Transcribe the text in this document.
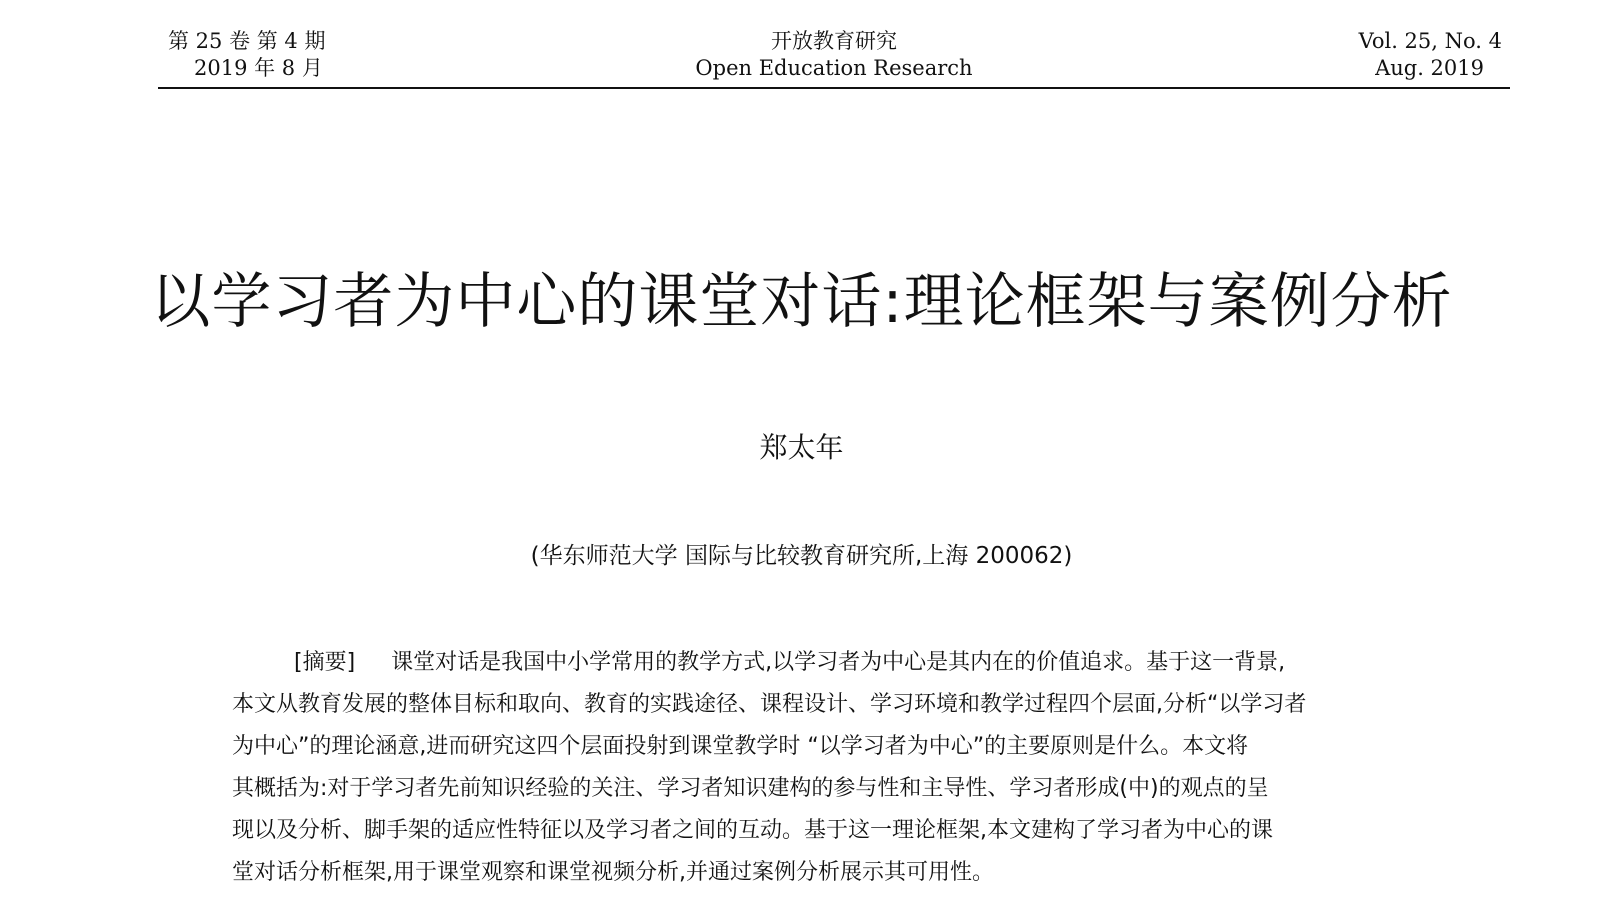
第 25 卷 第 4 期
2019 年 8 月
开放教育研究
Open Education Research
Vol. 25, No. 4
Aug. 2019
以学习者为中心的课堂对话:理论框架与案例分析
郑太年
(华东师范大学 国际与比较教育研究所,上海 200062)
[摘要] 课堂对话是我国中小学常用的教学方式,以学习者为中心是其内在的价值追求。基于这一背景,
本文从教育发展的整体目标和取向、教育的实践途径、课程设计、学习环境和教学过程四个层面,分析“以学习者
为中心”的理论涵意,进而研究这四个层面投射到课堂教学时 “以学习者为中心”的主要原则是什么。本文将
其概括为:对于学习者先前知识经验的关注、学习者知识建构的参与性和主导性、学习者形成(中)的观点的呈
现以及分析、脚手架的适应性特征以及学习者之间的互动。基于这一理论框架,本文建构了学习者为中心的课
堂对话分析框架,用于课堂观察和课堂视频分析,并通过案例分析展示其可用性。
